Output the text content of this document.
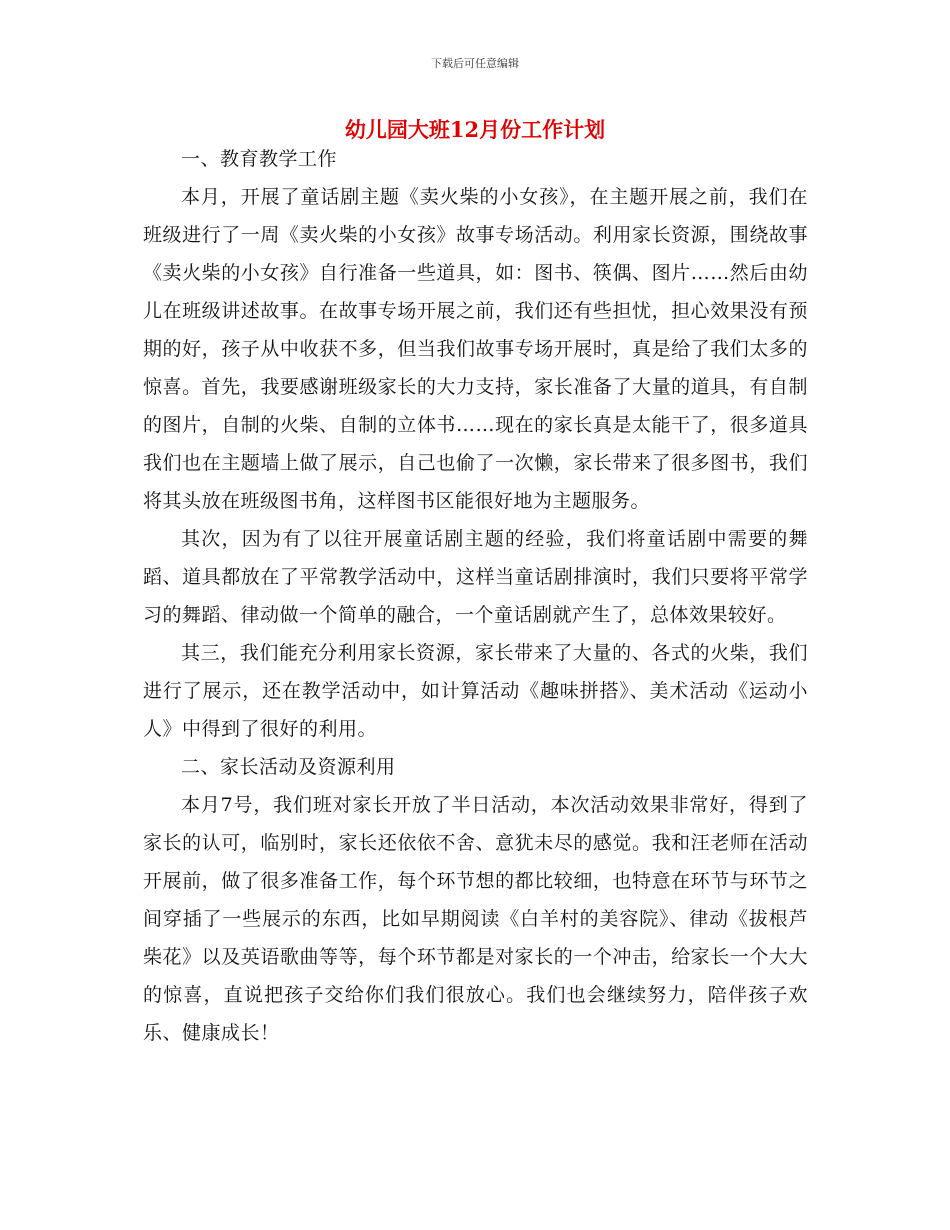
下载后可任意编辑
幼儿园大班12月份工作计划

一、教育教学工作

本月，开展了童话剧主题《卖火柴的小女孩》，在主题开展之前，我们在班级进行了一周《卖火柴的小女孩》故事专场活动。利用家长资源，围绕故事《卖火柴的小女孩》自行准备一些道具，如：图书、筷偶、图片……然后由幼儿在班级讲述故事。在故事专场开展之前，我们还有些担忧，担心效果没有预期的好，孩子从中收获不多，但当我们故事专场开展时，真是给了我们太多的惊喜。首先，我要感谢班级家长的大力支持，家长准备了大量的道具，有自制的图片，自制的火柴、自制的立体书……现在的家长真是太能干了，很多道具我们也在主题墙上做了展示，自己也偷了一次懒，家长带来了很多图书，我们将其头放在班级图书角，这样图书区能很好地为主题服务。

其次，因为有了以往开展童话剧主题的经验，我们将童话剧中需要的舞蹈、道具都放在了平常教学活动中，这样当童话剧排演时，我们只要将平常学习的舞蹈、律动做一个简单的融合，一个童话剧就产生了，总体效果较好。

其三，我们能充分利用家长资源，家长带来了大量的、各式的火柴，我们进行了展示，还在教学活动中，如计算活动《趣味拼搭》、美术活动《运动小人》中得到了很好的利用。

二、家长活动及资源利用

本月7号，我们班对家长开放了半日活动，本次活动效果非常好，得到了家长的认可，临别时，家长还依依不舍、意犹未尽的感觉。我和汪老师在活动开展前，做了很多准备工作，每个环节想的都比较细，也特意在环节与环节之间穿插了一些展示的东西，比如早期阅读《白羊村的美容院》、律动《拔根芦柴花》以及英语歌曲等等，每个环节都是对家长的一个冲击，给家长一个大大的惊喜，直说把孩子交给你们我们很放心。我们也会继续努力，陪伴孩子欢乐、健康成长！
